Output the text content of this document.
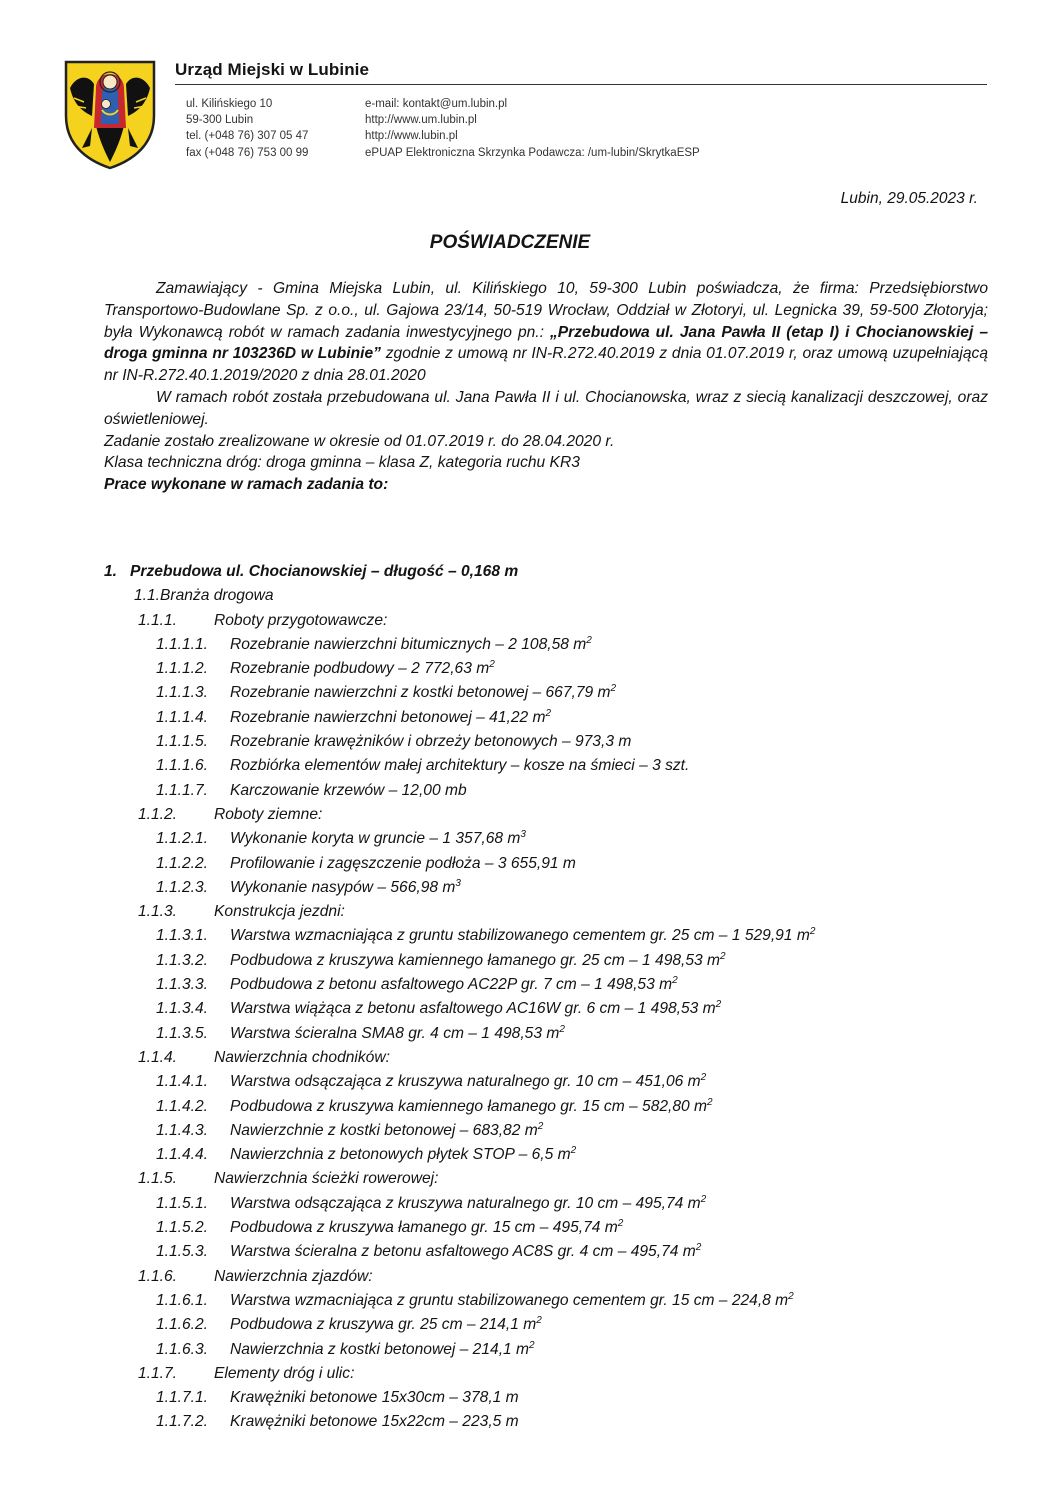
Urząd Miejski w Lubinie
ul. Kilińskiego 10
59-300 Lubin
tel. (+048 76) 307 05 47
fax (+048 76) 753 00 99
e-mail: kontakt@um.lubin.pl
http://www.um.lubin.pl
http://www.lubin.pl
ePUAP Elektroniczna Skrzynka Podawcza: /um-lubin/SkrytkaESP
Lubin, 29.05.2023 r.
POŚWIADCZENIE

Zamawiający - Gmina Miejska Lubin, ul. Kilińskiego 10, 59-300 Lubin poświadcza, że firma: Przedsiębiorstwo Transportowo-Budowlane Sp. z o.o., ul. Gajowa 23/14, 50-519 Wrocław, Oddział w Złotoryi, ul. Legnicka 39, 59-500 Złotoryja; była Wykonawcą robót w ramach zadania inwestycyjnego pn.: „Przebudowa ul. Jana Pawła II (etap I) i Chocianowskiej – droga gminna nr 103236D w Lubinie” zgodnie z umową nr IN-R.272.40.2019 z dnia 01.07.2019 r, oraz umową uzupełniającą nr IN-R.272.40.1.2019/2020 z dnia 28.01.2020

W ramach robót została przebudowana ul. Jana Pawła II i ul. Chocianowska, wraz z siecią kanalizacji deszczowej, oraz oświetleniowej.

Zadanie zostało zrealizowane w okresie od 01.07.2019 r. do 28.04.2020 r.

Klasa techniczna dróg: droga gminna – klasa Z, kategoria ruchu KR3

Prace wykonane w ramach zadania to:

1. Przebudowa ul. Chocianowskiej – długość – 0,168 m
1.1. Branża drogowa
1.1.1. Roboty przygotowawcze:
1.1.1.1. Rozebranie nawierzchni bitumicznych – 2 108,58 $m^2$
1.1.1.2. Rozebranie podbudowy – 2 772,63 $m^2$
1.1.1.3. Rozebranie nawierzchni z kostki betonowej – 667,79 $m^2$
1.1.1.4. Rozebranie nawierzchni betonowej – 41,22 $m^2$
1.1.1.5. Rozebranie krawężników i obrzeży betonowych – 973,3 m
1.1.1.6. Rozbiórka elementów małej architektury – kosze na śmieci – 3 szt.
1.1.1.7. Karczowanie krzewów – 12,00 mb
1.1.2. Roboty ziemne:
1.1.2.1. Wykonanie koryta w gruncie – 1 357,68 $m^3$
1.1.2.2. Profilowanie i zagęszczenie podłoża – 3 655,91 m
1.1.2.3. Wykonanie nasypów – 566,98 $m^3$
1.1.3. Konstrukcja jezdni:
1.1.3.1. Warstwa wzmacniająca z gruntu stabilizowanego cementem gr. 25 cm – 1 529,91 $m^2$
1.1.3.2. Podbudowa z kruszywa kamiennego łamanego gr. 25 cm – 1 498,53 $m^2$
1.1.3.3. Podbudowa z betonu asfaltowego AC22P gr. 7 cm – 1 498,53 $m^2$
1.1.3.4. Warstwa wiążąca z betonu asfaltowego AC16W gr. 6 cm – 1 498,53 $m^2$
1.1.3.5. Warstwa ścieralna SMA8 gr. 4 cm – 1 498,53 $m^2$
1.1.4. Nawierzchnia chodników:
1.1.4.1. Warstwa odsączająca z kruszywa naturalnego gr. 10 cm – 451,06 $m^2$
1.1.4.2. Podbudowa z kruszywa kamiennego łamanego gr. 15 cm – 582,80 $m^2$
1.1.4.3. Nawierzchnie z kostki betonowej – 683,82 $m^2$
1.1.4.4. Nawierzchnia z betonowych płytek STOP – 6,5 $m^2$
1.1.5. Nawierzchnia ścieżki rowerowej:
1.1.5.1. Warstwa odsączająca z kruszywa naturalnego gr. 10 cm – 495,74 $m^2$
1.1.5.2. Podbudowa z kruszywa łamanego gr. 15 cm – 495,74 $m^2$
1.1.5.3. Warstwa ścieralna z betonu asfaltowego AC8S gr. 4 cm – 495,74 $m^2$
1.1.6. Nawierzchnia zjazdów:
1.1.6.1. Warstwa wzmacniająca z gruntu stabilizowanego cementem gr. 15 cm – 224,8 $m^2$
1.1.6.2. Podbudowa z kruszywa gr. 25 cm – 214,1 $m^2$
1.1.6.3. Nawierzchnia z kostki betonowej – 214,1 $m^2$
1.1.7. Elementy dróg i ulic:
1.1.7.1. Krawężniki betonowe 15x30cm – 378,1 m
1.1.7.2. Krawężniki betonowe 15x22cm – 223,5 m
